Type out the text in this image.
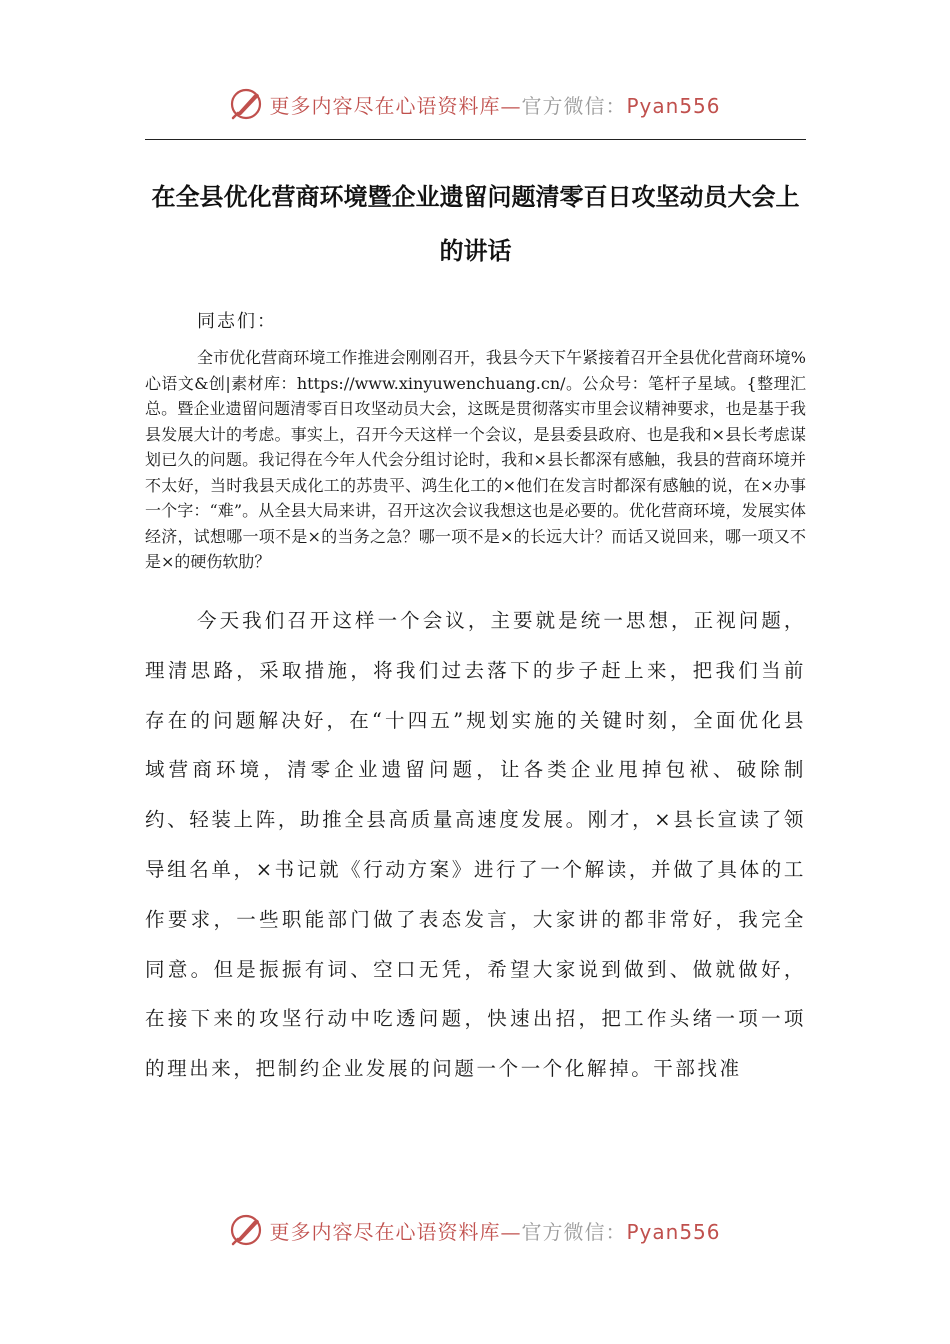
更多内容尽在心语资料库—官方微信：Pyan556
在全县优化营商环境暨企业遗留问题清零百日攻坚动员大会上的讲话

同志们：

全市优化营商环境工作推进会刚刚召开，我县今天下午紧接着召开全县优化营商环境%心语文&创|素材库：https://www.xinyuwenchuang.cn/。公众号：笔杆子星域。{整理汇总。暨企业遗留问题清零百日攻坚动员大会，这既是贯彻落实市里会议精神要求，也是基于我县发展大计的考虑。事实上，召开今天这样一个会议，是县委县政府、也是我和×县长考虑谋划已久的问题。我记得在今年人代会分组讨论时，我和×县长都深有感触，我县的营商环境并不太好，当时我县天成化工的苏贵平、鸿生化工的×他们在发言时都深有感触的说，在×办事一个字：“难”。从全县大局来讲，召开这次会议我想这也是必要的。优化营商环境，发展实体经济，试想哪一项不是×的当务之急？哪一项不是×的长远大计？而话又说回来，哪一项又不是×的硬伤软肋？

今天我们召开这样一个会议，主要就是统一思想，正视问题，理清思路，采取措施，将我们过去落下的步子赶上来，把我们当前存在的问题解决好，在“十四五”规划实施的关键时刻，全面优化县域营商环境，清零企业遗留问题，让各类企业甩掉包袱、破除制约、轻装上阵，助推全县高质量高速度发展。刚才，×县长宣读了领导组名单，×书记就《行动方案》进行了一个解读，并做了具体的工作要求，一些职能部门做了表态发言，大家讲的都非常好，我完全同意。但是振振有词、空口无凭，希望大家说到做到、做就做好，在接下来的攻坚行动中吃透问题，快速出招，把工作头绪一项一项的理出来，把制约企业发展的问题一个一个化解掉。干部找准

更多内容尽在心语资料库—官方微信：Pyan556
